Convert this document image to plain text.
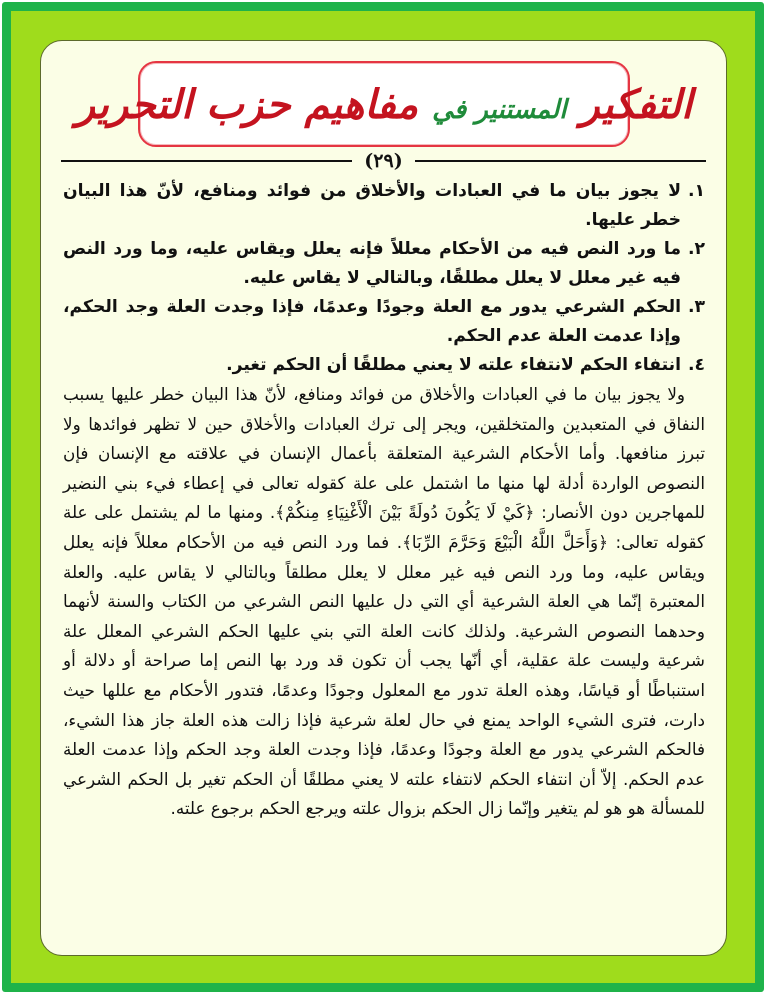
التفكير المستنير في مفاهيم حزب التحرير
(٢٩)
١.
لا يجوز بيان ما في العبادات والأخلاق من فوائد ومنافع، لأنّ هذا البيان خطر عليها.
٢.
ما ورد النص فيه من الأحكام معللاً فإنه يعلل ويقاس عليه، وما ورد النص فيه غير معلل لا يعلل مطلقًا، وبالتالي لا يقاس عليه.
٣.
الحكم الشرعي يدور مع العلة وجودًا وعدمًا، فإذا وجدت العلة وجد الحكم، وإذا عدمت العلة عدم الحكم.
٤.
انتفاء الحكم لانتفاء علته لا يعني مطلقًا أن الحكم تغير.

ولا يجوز بيان ما في العبادات والأخلاق من فوائد ومنافع، لأنّ هذا البيان خطر عليها يسبب النفاق في المتعبدين والمتخلقين، ويجر إلى ترك العبادات والأخلاق حين لا تظهر فوائدها ولا تبرز منافعها. وأما الأحكام الشرعية المتعلقة بأعمال الإنسان في علاقته مع الإنسان فإن النصوص الواردة أدلة لها منها ما اشتمل على علة كقوله تعالى في إعطاء في‌ء بني النضير للمهاجرين دون الأنصار: ﴿كَيْ لَا يَكُونَ دُولَةً بَيْنَ الْأَغْنِيَاءِ مِنكُمْ﴾. ومنها ما لم يشتمل على علة كقوله تعالى: ﴿وَأَحَلَّ اللَّهُ الْبَيْعَ وَحَرَّمَ الرِّبَا﴾. فما ورد النص فيه من الأحكام معللاً فإنه يعلل ويقاس عليه، وما ورد النص فيه غير معلل لا يعلل مطلقاً وبالتالي لا يقاس عليه. والعلة المعتبرة إنّما هي العلة الشرعية أي التي دل عليها النص الشرعي من الكتاب والسنة لأنهما وحدهما النصوص الشرعية. ولذلك كانت العلة التي بني عليها الحكم الشرعي المعلل علة شرعية وليست علة عقلية، أي أنّها يجب أن تكون قد ورد بها النص إما صراحة أو دلالة أو استنباطًا أو قياسًا، وهذه العلة تدور مع المعلول وجودًا وعدمًا، فتدور الأحكام مع عللها حيث دارت، فترى الشيء الواحد يمنع في حال لعلة شرعية فإذا زالت هذه العلة جاز هذا الشيء، فالحكم الشرعي يدور مع العلة وجودًا وعدمًا، فإذا وجدت العلة وجد الحكم وإذا عدمت العلة عدم الحكم. إلاّ أن انتفاء الحكم لانتفاء علته لا يعني مطلقًا أن الحكم تغير بل الحكم الشرعي للمسألة هو هو لم يتغير وإنّما زال الحكم بزوال علته ويرجع الحكم برجوع علته.
